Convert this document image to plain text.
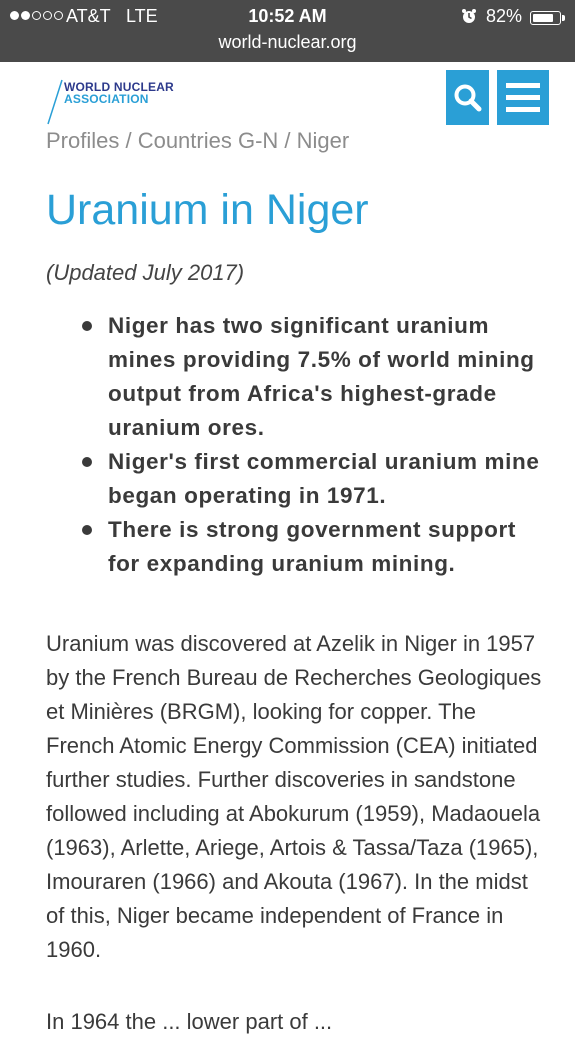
AT&T LTE	10:52 AM	82%
world-nuclear.org
WORLD NUCLEAR
ASSOCIATION
Profiles / Countries G-N / Niger
Uranium in Niger
(Updated July 2017)
Niger has two significant uranium mines providing 7.5% of world mining output from Africa's highest-grade uranium ores.
Niger's first commercial uranium mine began operating in 1971.
There is strong government support for expanding uranium mining.

Uranium was discovered at Azelik in Niger in 1957 by the French Bureau de Recherches Geologiques et Minières (BRGM), looking for copper. The French Atomic Energy Commission (CEA) initiated further studies. Further discoveries in sandstone followed including at Abokurum (1959), Madaouela (1963), Arlette, Ariege, Artois & Tassa/Taza (1965), Imouraren (1966) and Akouta (1967). In the midst of this, Niger became independent of France in 1960.

In 1964 the ... lower part of ...
